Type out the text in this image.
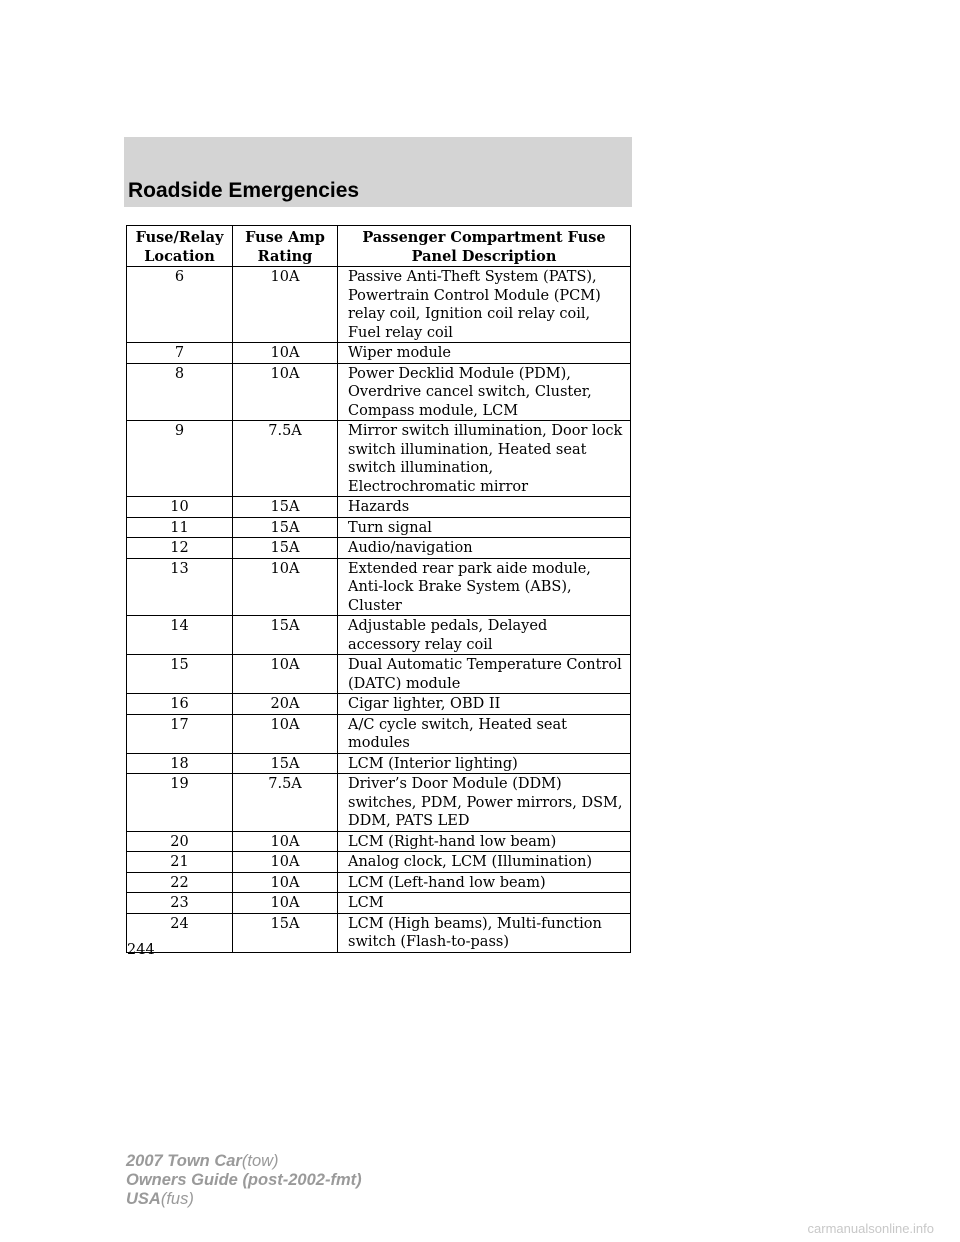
Roadside Emergencies
Fuse/Relay Location	Fuse Amp Rating	Passenger Compartment Fuse Panel Description
6	10A	Passive Anti-Theft System (PATS), Powertrain Control Module (PCM) relay coil, Ignition coil relay coil, Fuel relay coil
7	10A	Wiper module
8	10A	Power Decklid Module (PDM), Overdrive cancel switch, Cluster, Compass module, LCM
9	7.5A	Mirror switch illumination, Door lock switch illumination, Heated seat switch illumination, Electrochromatic mirror
10	15A	Hazards
11	15A	Turn signal
12	15A	Audio/navigation
13	10A	Extended rear park aide module, Anti-lock Brake System (ABS), Cluster
14	15A	Adjustable pedals, Delayed accessory relay coil
15	10A	Dual Automatic Temperature Control (DATC) module
16	20A	Cigar lighter, OBD II
17	10A	A/C cycle switch, Heated seat modules
18	15A	LCM (Interior lighting)
19	7.5A	Driver’s Door Module (DDM) switches, PDM, Power mirrors, DSM, DDM, PATS LED
20	10A	LCM (Right-hand low beam)
21	10A	Analog clock, LCM (Illumination)
22	10A	LCM (Left-hand low beam)
23	10A	LCM
24	15A	LCM (High beams), Multi-function switch (Flash-to-pass)
244
2007 Town Car(tow)
Owners Guide (post-2002-fmt)
USA(fus)
carmanualsonline.info
